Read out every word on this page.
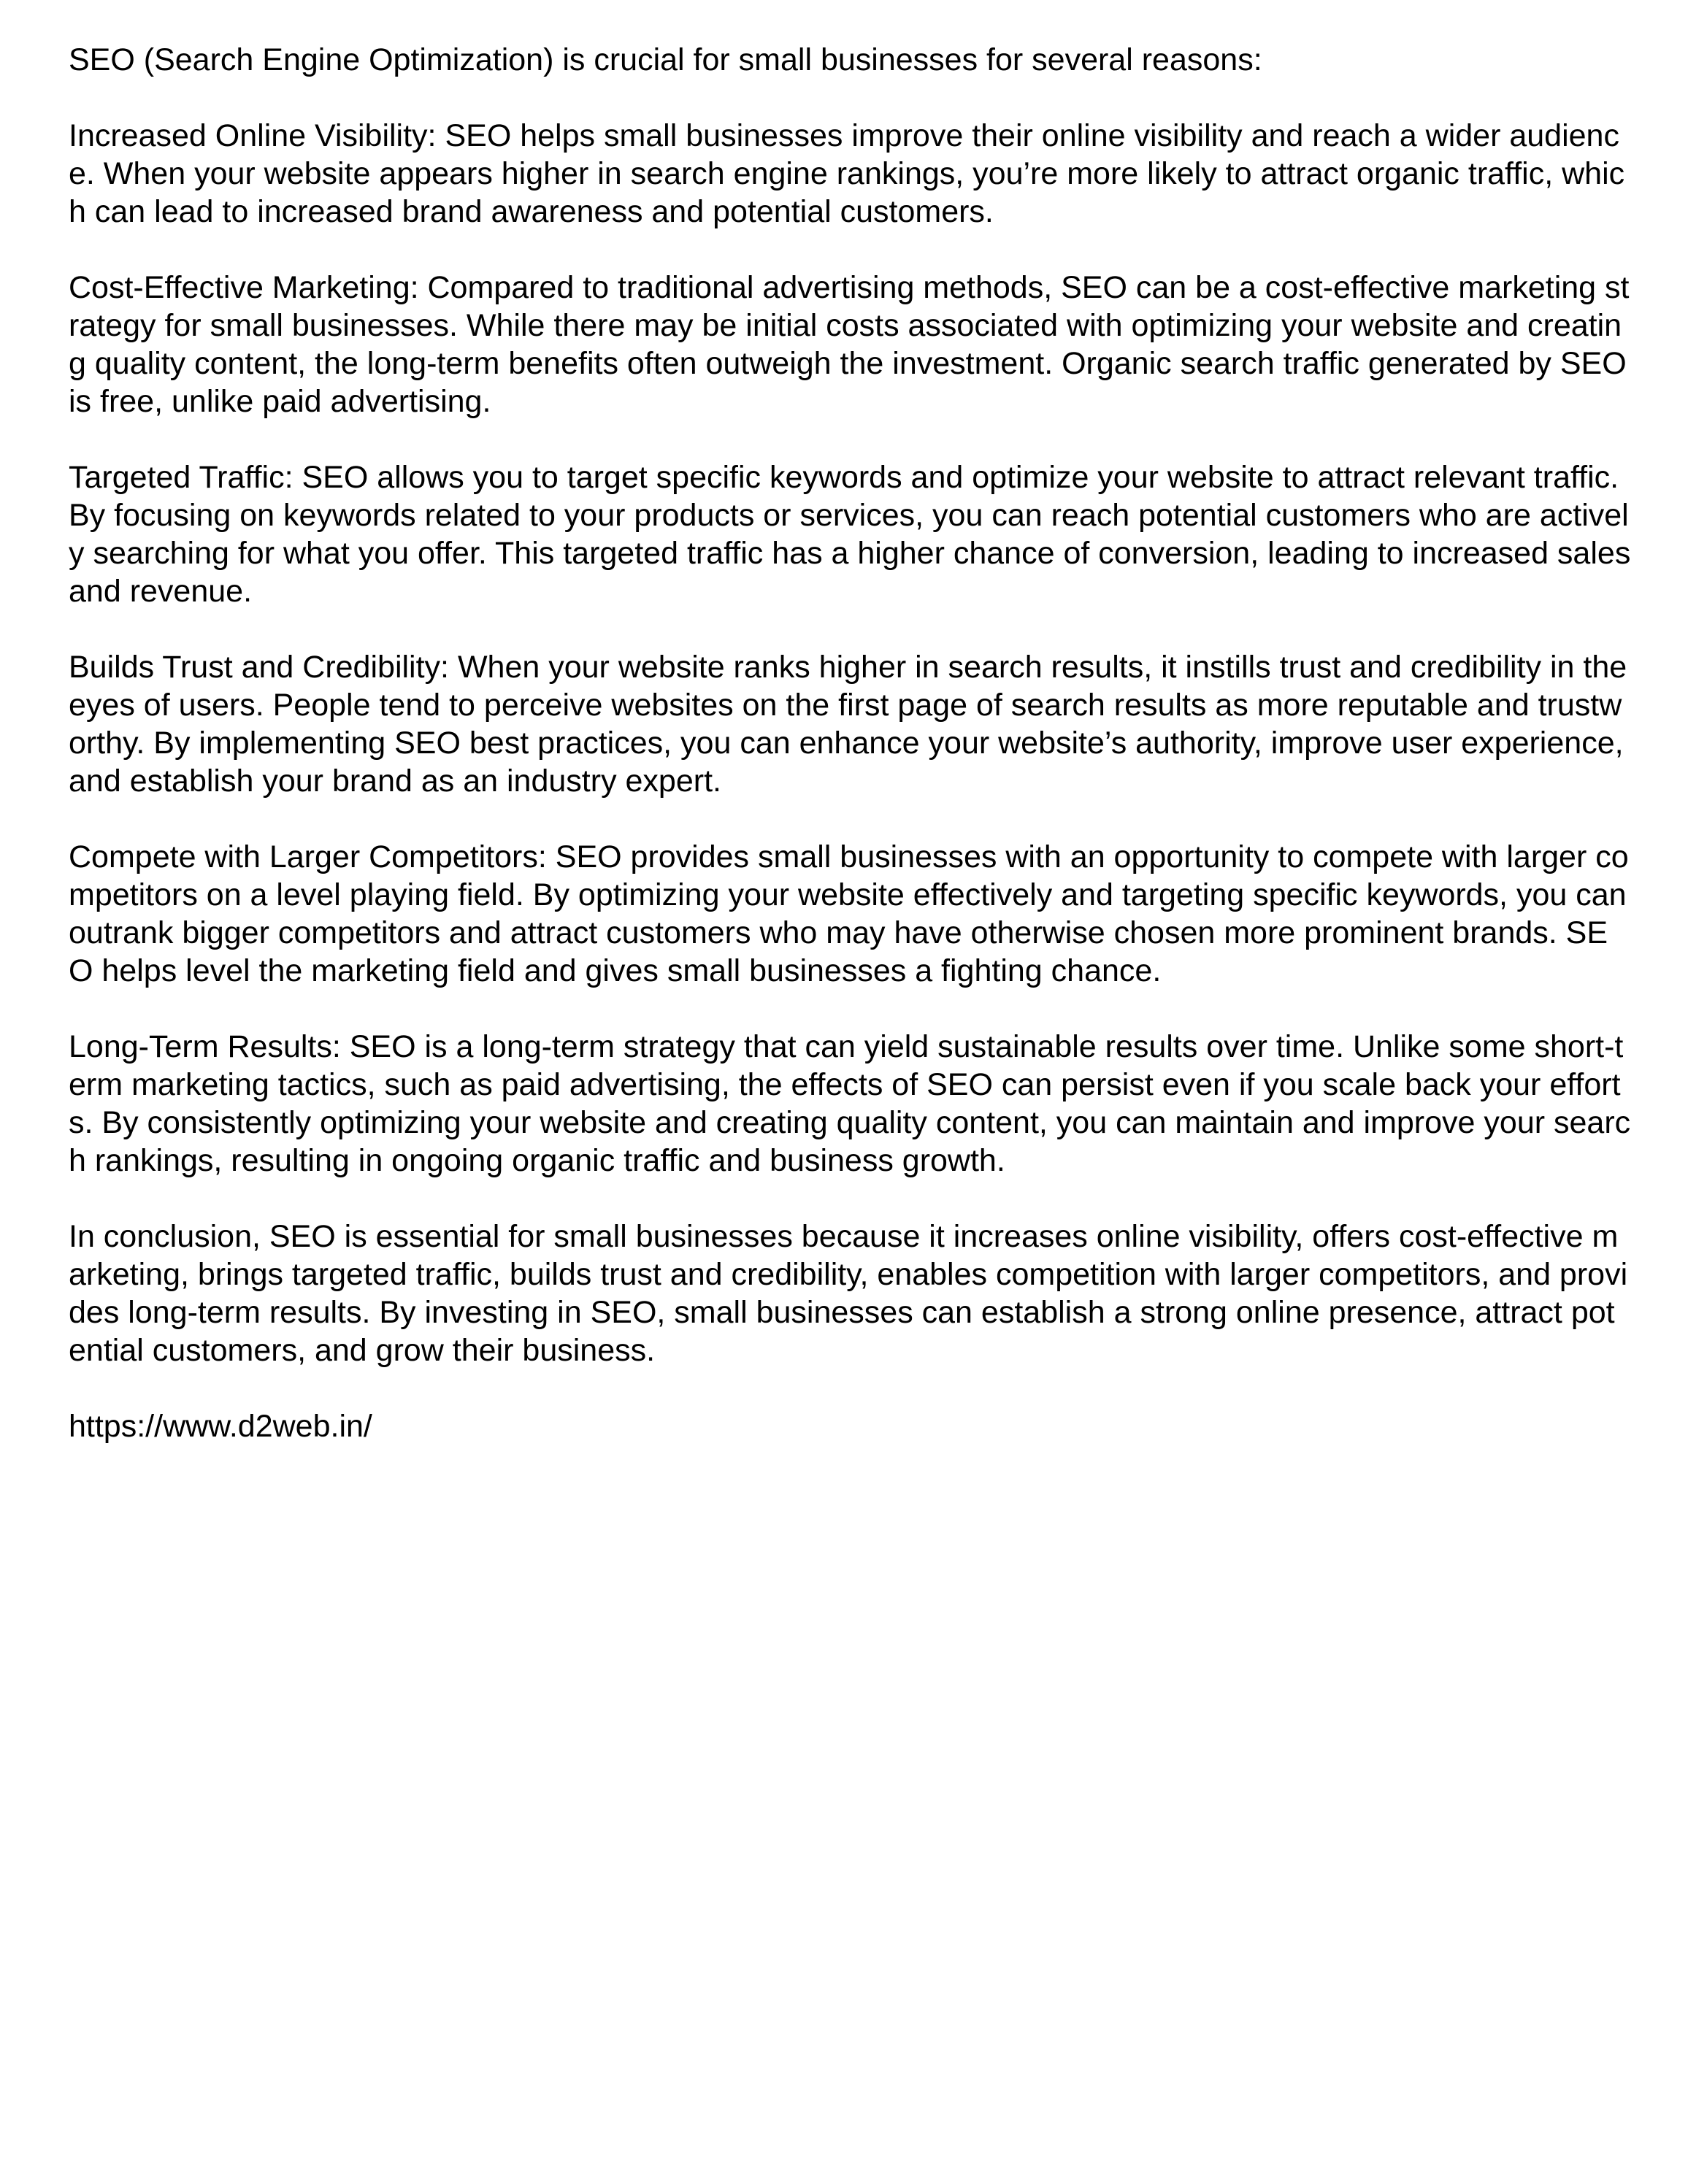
SEO (Search Engine Optimization) is crucial for small businesses for several reasons:

Increased Online Visibility: SEO helps small businesses improve their online visibility and reach a wider audience. When your website appears higher in search engine rankings, you’re more likely to attract organic traffic, which can lead to increased brand awareness and potential customers.

Cost-Effective Marketing: Compared to traditional advertising methods, SEO can be a cost-effective marketing strategy for small businesses. While there may be initial costs associated with optimizing your website and creating quality content, the long-term benefits often outweigh the investment. Organic search traffic generated by SEO is free, unlike paid advertising.

Targeted Traffic: SEO allows you to target specific keywords and optimize your website to attract relevant traffic. By focusing on keywords related to your products or services, you can reach potential customers who are actively searching for what you offer. This targeted traffic has a higher chance of conversion, leading to increased sales and revenue.

Builds Trust and Credibility: When your website ranks higher in search results, it instills trust and credibility in the eyes of users. People tend to perceive websites on the first page of search results as more reputable and trustworthy. By implementing SEO best practices, you can enhance your website’s authority, improve user experience, and establish your brand as an industry expert.

Compete with Larger Competitors: SEO provides small businesses with an opportunity to compete with larger competitors on a level playing field. By optimizing your website effectively and targeting specific keywords, you can outrank bigger competitors and attract customers who may have otherwise chosen more prominent brands. SEO helps level the marketing field and gives small businesses a fighting chance.

Long-Term Results: SEO is a long-term strategy that can yield sustainable results over time. Unlike some short-term marketing tactics, such as paid advertising, the effects of SEO can persist even if you scale back your efforts. By consistently optimizing your website and creating quality content, you can maintain and improve your search rankings, resulting in ongoing organic traffic and business growth.

In conclusion, SEO is essential for small businesses because it increases online visibility, offers cost-effective marketing, brings targeted traffic, builds trust and credibility, enables competition with larger competitors, and provides long-term results. By investing in SEO, small businesses can establish a strong online presence, attract potential customers, and grow their business.

https://www.d2web.in/
